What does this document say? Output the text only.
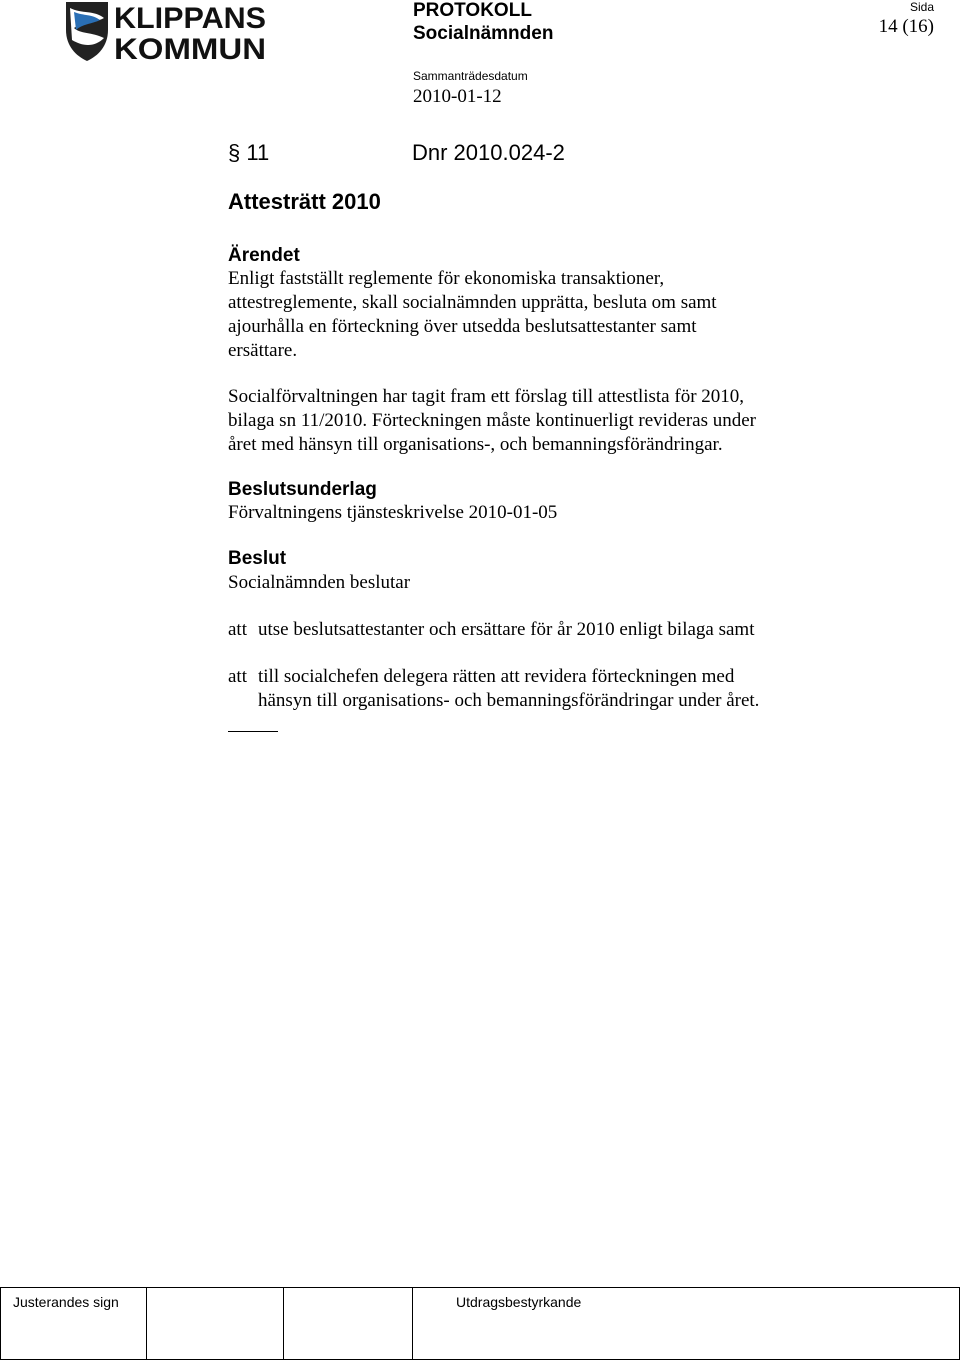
KLIPPANS
KOMMUN
PROTOKOLL
Socialnämnden
Sammanträdesdatum
2010-01-12
Sida
14 (16)
§ 11	Dnr 2010.024-2
Attesträtt 2010
Ärendet
Enligt fastställt reglemente för ekonomiska transaktioner,
attestreglemente, skall socialnämnden upprätta, besluta om samt
ajourhålla en förteckning över utsedda beslutsattestanter samt
ersättare.
Socialförvaltningen har tagit fram ett förslag till attestlista för 2010,
bilaga sn 11/2010. Förteckningen måste kontinuerligt revideras under
året med hänsyn till organisations-, och bemanningsförändringar.
Beslutsunderlag
Förvaltningens tjänsteskrivelse 2010-01-05
Beslut
Socialnämnden beslutar
att utse beslutsattestanter och ersättare för år 2010 enligt bilaga samt
att till socialchefen delegera rätten att revidera förteckningen med
hänsyn till organisations- och bemanningsförändringar under året.
Justerandes sign	Utdragsbestyrkande
